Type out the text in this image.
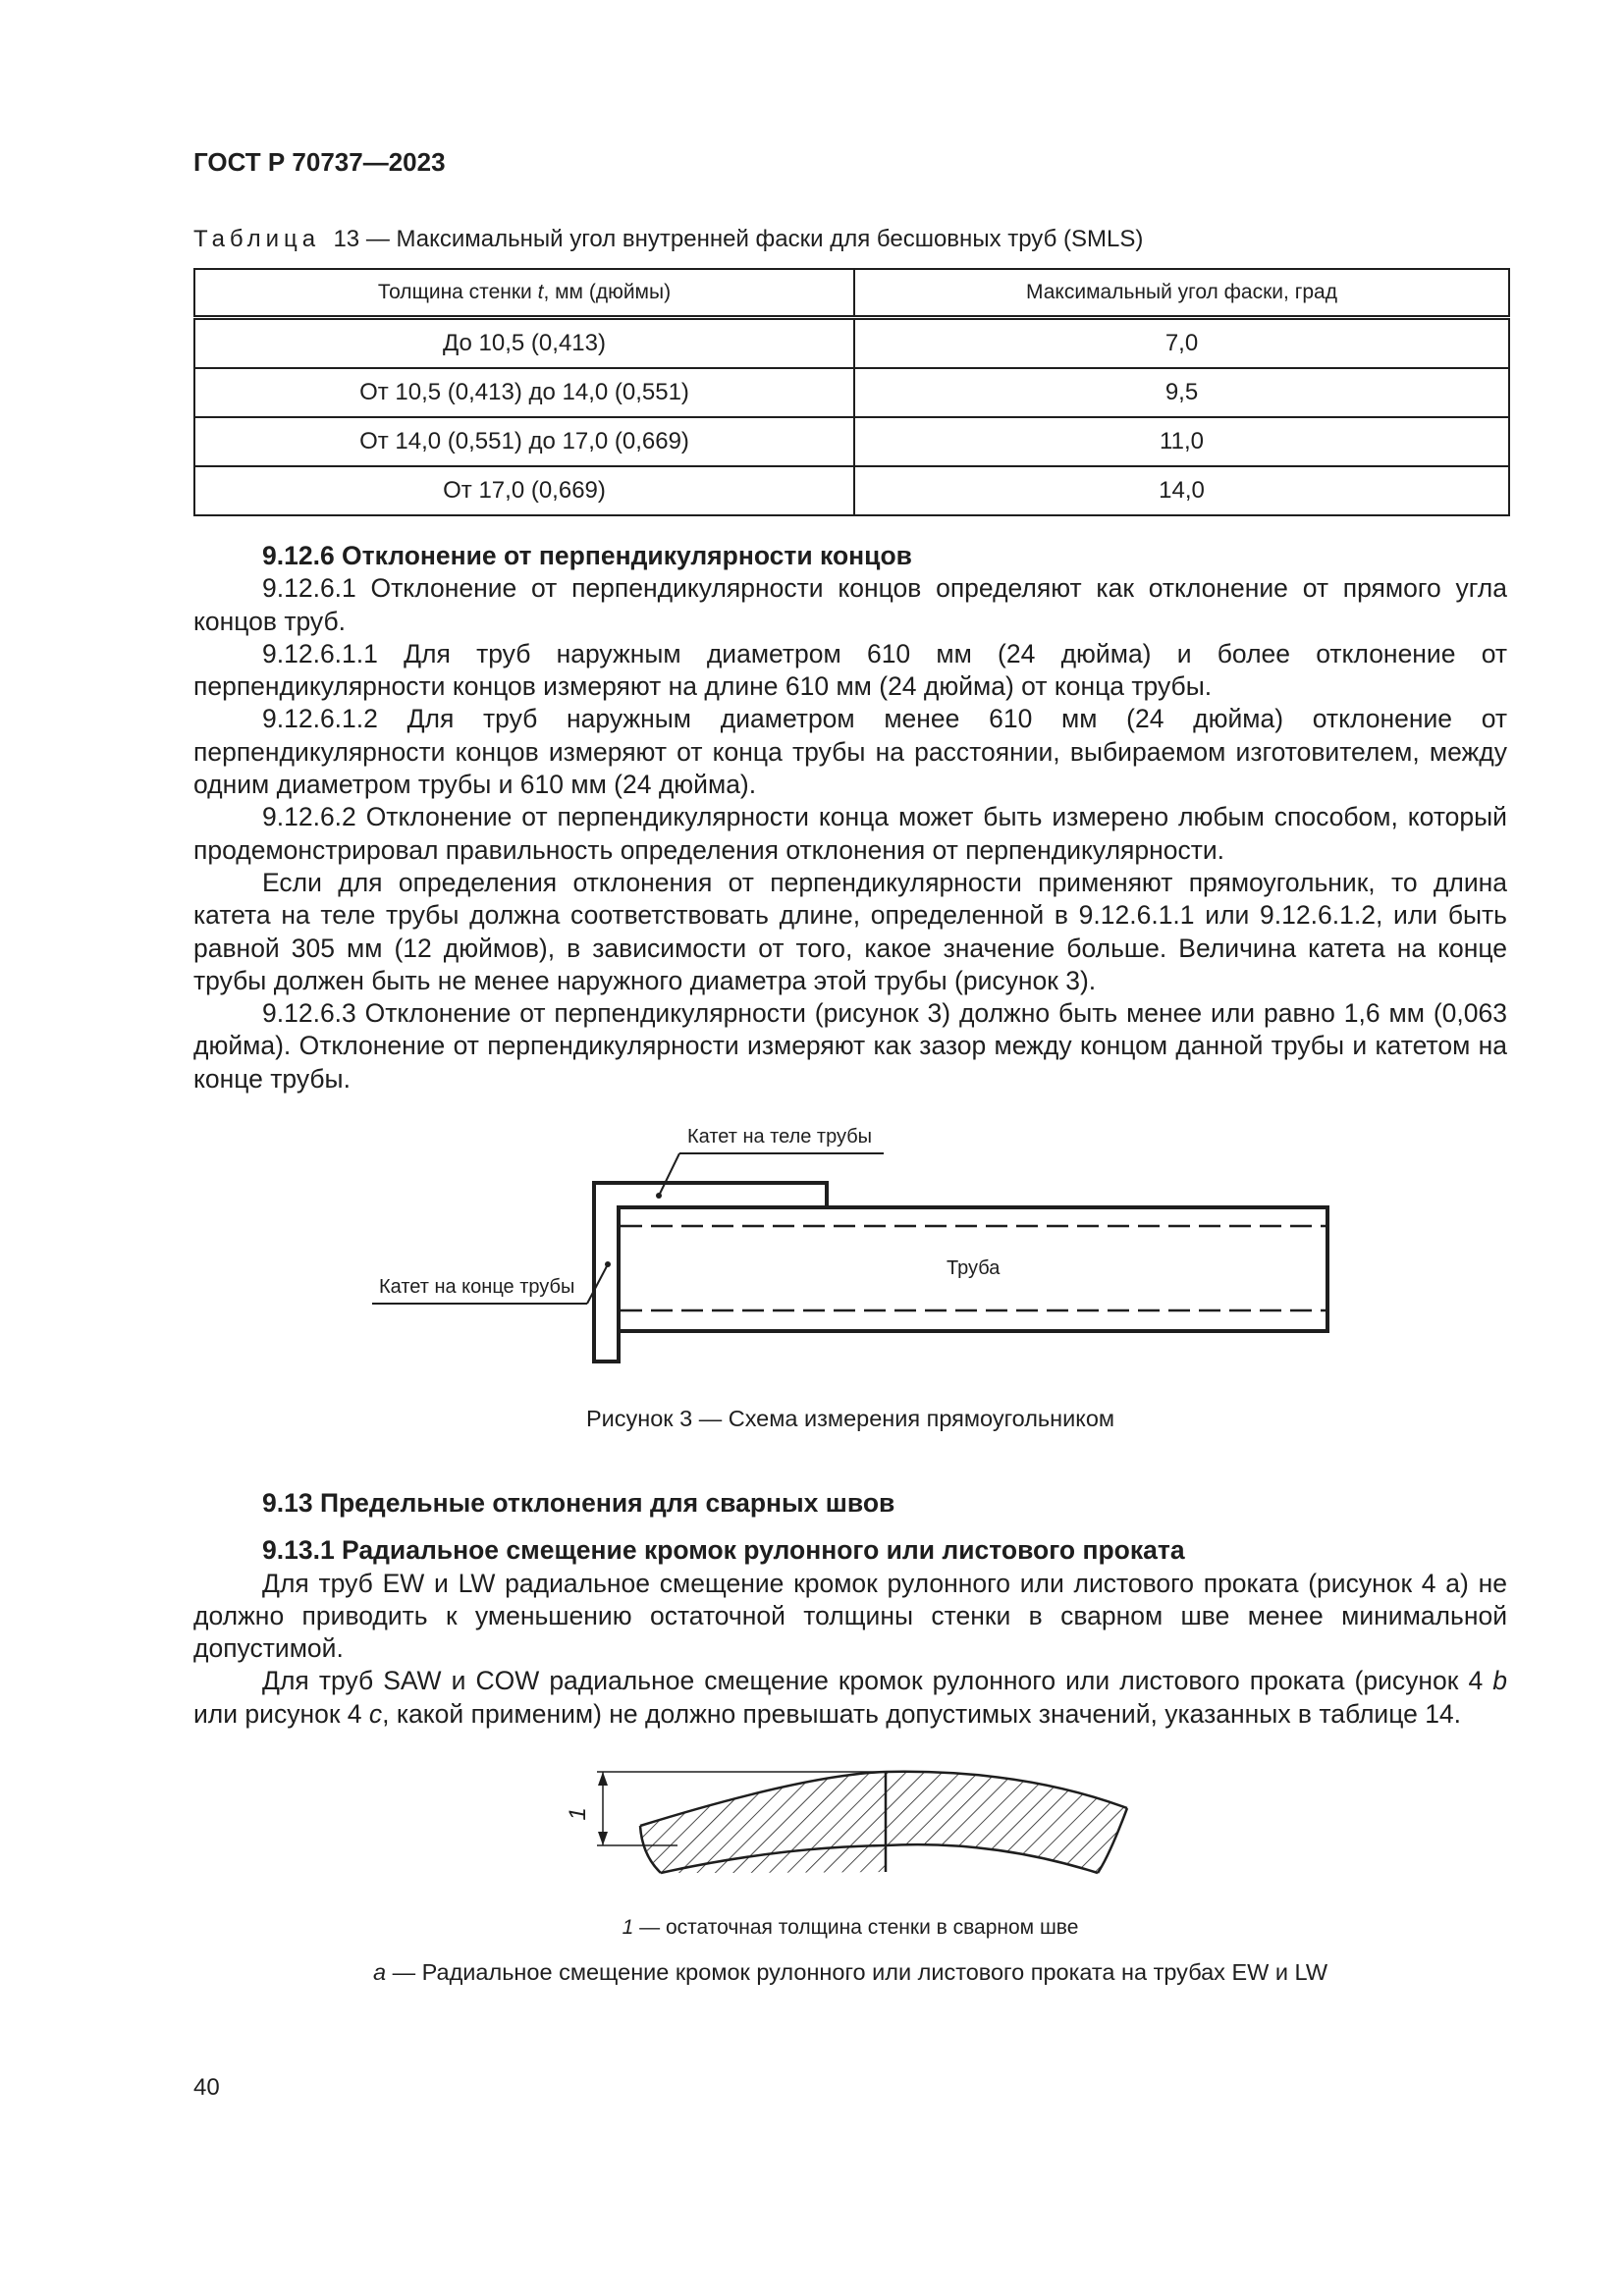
ГОСТ Р 70737—2023
Таблица 13 — Максимальный угол внутренней фаски для бесшовных труб (SMLS)
Толщина стенки t, мм (дюймы)	Максимальный угол фаски, град
До 10,5 (0,413)	7,0
От 10,5 (0,413) до 14,0 (0,551)	9,5
От 14,0 (0,551) до 17,0 (0,669)	11,0
От 17,0 (0,669)	14,0

9.12.6 Отклонение от перпендикулярности концов

9.12.6.1 Отклонение от перпендикулярности концов определяют как отклонение от прямого угла концов труб.

9.12.6.1.1 Для труб наружным диаметром 610 мм (24 дюйма) и более отклонение от перпендикулярности концов измеряют на длине 610 мм (24 дюйма) от конца трубы.

9.12.6.1.2 Для труб наружным диаметром менее 610 мм (24 дюйма) отклонение от перпендикулярности концов измеряют от конца трубы на расстоянии, выбираемом изготовителем, между одним диаметром трубы и 610 мм (24 дюйма).

9.12.6.2 Отклонение от перпендикулярности конца может быть измерено любым способом, который продемонстрировал правильность определения отклонения от перпендикулярности.

Если для определения отклонения от перпендикулярности применяют прямоугольник, то длина катета на теле трубы должна соответствовать длине, определенной в 9.12.6.1.1 или 9.12.6.1.2, или быть равной 305 мм (12 дюймов), в зависимости от того, какое значение больше. Величина катета на конце трубы должен быть не менее наружного диаметра этой трубы (рисунок 3).

9.12.6.3 Отклонение от перпендикулярности (рисунок 3) должно быть менее или равно 1,6 мм (0,063 дюйма). Отклонение от перпендикулярности измеряют как зазор между концом данной трубы и катетом на конце трубы.

Катет на теле трубы
Катет на конце трубы
Труба
Рисунок 3 — Схема измерения прямоугольником

9.13 Предельные отклонения для сварных швов

9.13.1 Радиальное смещение кромок рулонного или листового проката

Для труб EW и LW радиальное смещение кромок рулонного или листового проката (рисунок 4 а) не должно приводить к уменьшению остаточной толщины стенки в сварном шве менее минимальной допустимой.

Для труб SAW и COW радиальное смещение кромок рулонного или листового проката (рисунок 4 b или рисунок 4 c, какой применим) не должно превышать допустимых значений, указанных в таблице 14.

1
1 — остаточная толщина стенки в сварном шве
а — Радиальное смещение кромок рулонного или листового проката на трубах EW и LW
40
